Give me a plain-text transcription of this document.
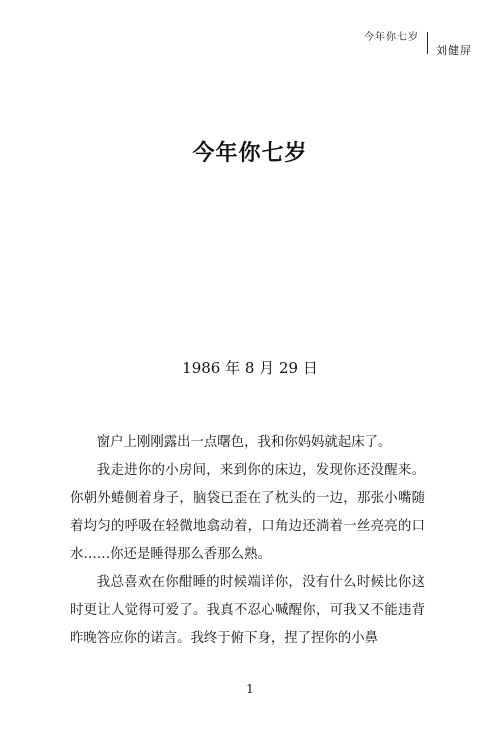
今年你七岁
刘健屏
今年你七岁
1986 年 8 月 29 日

窗户上刚刚露出一点曙色，我和你妈妈就起床了。

我走进你的小房间，来到你的床边，发现你还没醒来。你朝外蜷侧着身子，脑袋已歪在了枕头的一边，那张小嘴随着均匀的呼吸在轻微地翕动着，口角边还淌着一丝亮亮的口水……你还是睡得那么香那么熟。

我总喜欢在你酣睡的时候端详你，没有什么时候比你这时更让人觉得可爱了。我真不忍心喊醒你，可我又不能违背昨晚答应你的诺言。我终于俯下身，捏了捏你的小鼻

1
